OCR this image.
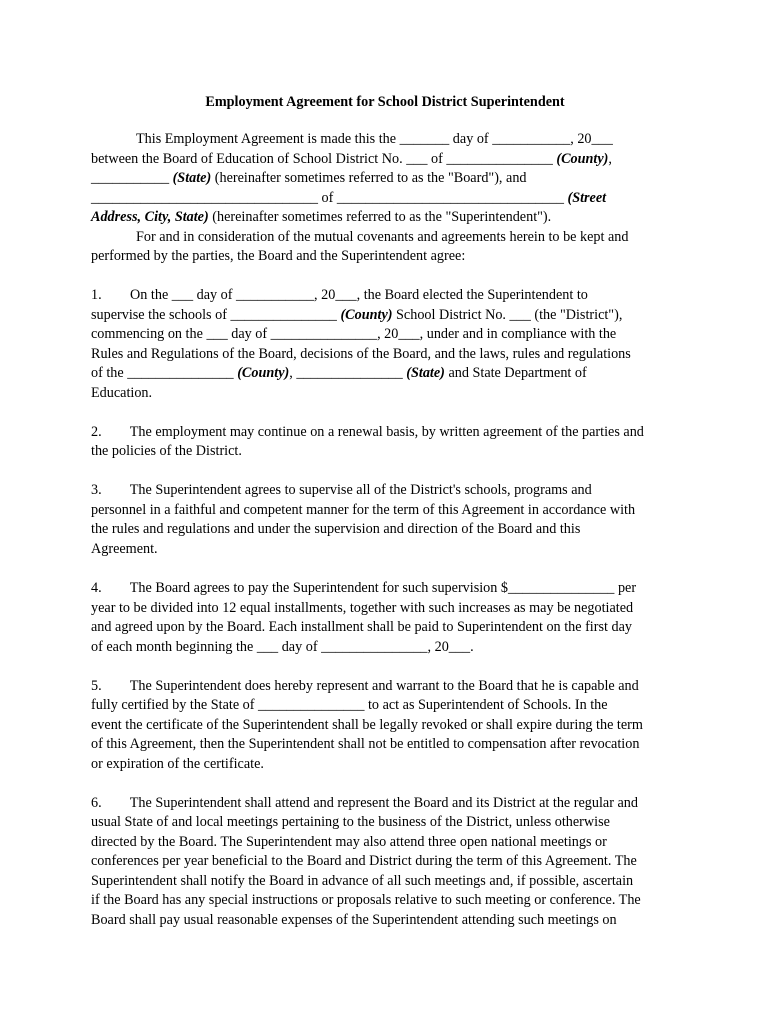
Employment Agreement for School District Superintendent
This Employment Agreement is made this the _______ day of ___________, 20___
between the Board of Education of School District No. ___ of _______________ (County),
___________ (State) (hereinafter sometimes referred to as the "Board"), and
________________________________ of ________________________________ (Street
Address, City, State) (hereinafter sometimes referred to as the "Superintendent").
For and in consideration of the mutual covenants and agreements herein to be kept and
performed by the parties, the Board and the Superintendent agree:
1.        On the ___ day of ___________, 20___, the Board elected the Superintendent to
supervise the schools of _______________ (County) School District No. ___ (the "District"),
commencing on the ___ day of _______________, 20___, under and in compliance with the
Rules and Regulations of the Board, decisions of the Board, and the laws, rules and regulations
of the _______________ (County), _______________ (State) and State Department of
Education.
2.        The employment may continue on a renewal basis, by written agreement of the parties and
the policies of the District.
3.        The Superintendent agrees to supervise all of the District's schools, programs and
personnel in a faithful and competent manner for the term of this Agreement in accordance with
the rules and regulations and under the supervision and direction of the Board and this
Agreement.
4.        The Board agrees to pay the Superintendent for such supervision $_______________ per
year to be divided into 12 equal installments, together with such increases as may be negotiated
and agreed upon by the Board. Each installment shall be paid to Superintendent on the first day
of each month beginning the ___ day of _______________, 20___.
5.        The Superintendent does hereby represent and warrant to the Board that he is capable and
fully certified by the State of _______________ to act as Superintendent of Schools. In the
event the certificate of the Superintendent shall be legally revoked or shall expire during the term
of this Agreement, then the Superintendent shall not be entitled to compensation after revocation
or expiration of the certificate.
6.        The Superintendent shall attend and represent the Board and its District at the regular and
usual State of and local meetings pertaining to the business of the District, unless otherwise
directed by the Board. The Superintendent may also attend three open national meetings or
conferences per year beneficial to the Board and District during the term of this Agreement. The
Superintendent shall notify the Board in advance of all such meetings and, if possible, ascertain
if the Board has any special instructions or proposals relative to such meeting or conference. The
Board shall pay usual reasonable expenses of the Superintendent attending such meetings on
